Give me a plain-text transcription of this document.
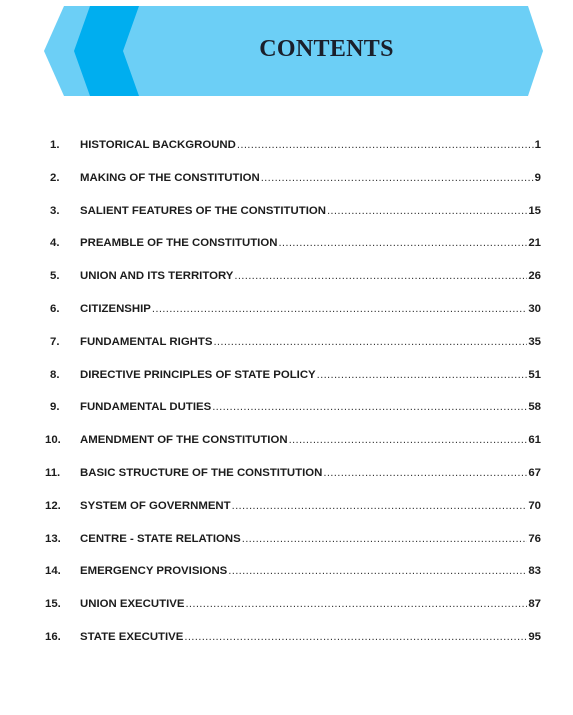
CONTENTS
1.	HISTORICAL BACKGROUND .....	1
2.	MAKING OF THE CONSTITUTION .....	9
3.	SALIENT FEATURES OF THE CONSTITUTION .....	15
4.	PREAMBLE OF THE CONSTITUTION .....	21
5.	UNION AND ITS TERRITORY .....	26
6.	CITIZENSHIP .....	30
7.	FUNDAMENTAL RIGHTS .....	35
8.	DIRECTIVE PRINCIPLES OF STATE POLICY .....	51
9.	FUNDAMENTAL DUTIES .....	58
10.	AMENDMENT OF THE CONSTITUTION .....	61
11.	BASIC STRUCTURE OF THE CONSTITUTION .....	67
12.	SYSTEM OF GOVERNMENT .....	70
13.	CENTRE - STATE RELATIONS .....	76
14.	EMERGENCY PROVISIONS .....	83
15.	UNION EXECUTIVE .....	87
16.	STATE EXECUTIVE .....	95
